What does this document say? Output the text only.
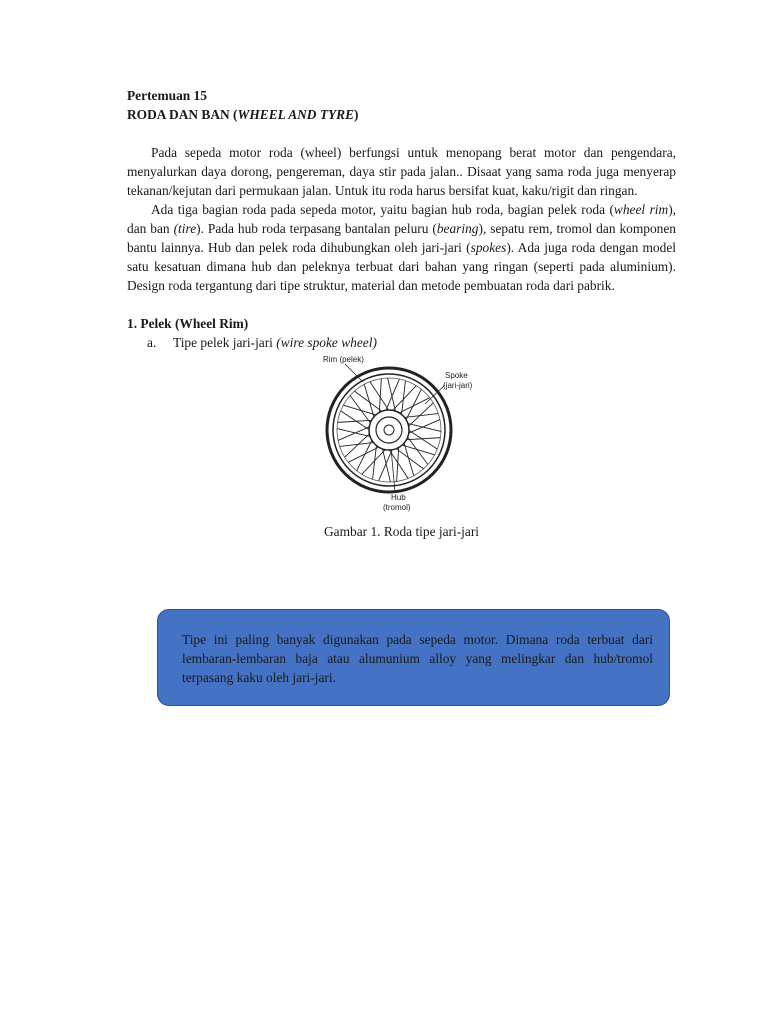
Pertemuan 15

RODA DAN BAN (WHEEL AND TYRE)

Pada sepeda motor roda (wheel) berfungsi untuk menopang berat motor dan pengendara, menyalurkan daya dorong, pengereman, daya stir pada jalan.. Disaat yang sama roda juga menyerap tekanan/kejutan dari permukaan jalan. Untuk itu roda harus bersifat kuat, kaku/rigit dan ringan.

Ada tiga bagian roda pada sepeda motor, yaitu bagian hub roda, bagian pelek roda (wheel rim), dan ban (tire). Pada hub roda terpasang bantalan peluru (bearing), sepatu rem, tromol dan komponen bantu lainnya. Hub dan pelek roda dihubungkan oleh jari-jari (spokes). Ada juga roda dengan model satu kesatuan dimana hub dan peleknya terbuat dari bahan yang ringan (seperti pada aluminium). Design roda tergantung dari tipe struktur, material dan metode pembuatan roda dari pabrik.

1. Pelek (Wheel Rim)

a. Tipe pelek jari-jari (wire spoke wheel)

Rim (pelek)
Spoke
(jari-jari)
Hub
(tromol)

Gambar 1. Roda tipe jari-jari

Tipe ini paling banyak digunakan pada sepeda motor. Dimana roda terbuat dari lembaran-lembaran baja atau alumunium alloy yang melingkar dan hub/tromol terpasang kaku oleh jari-jari.
